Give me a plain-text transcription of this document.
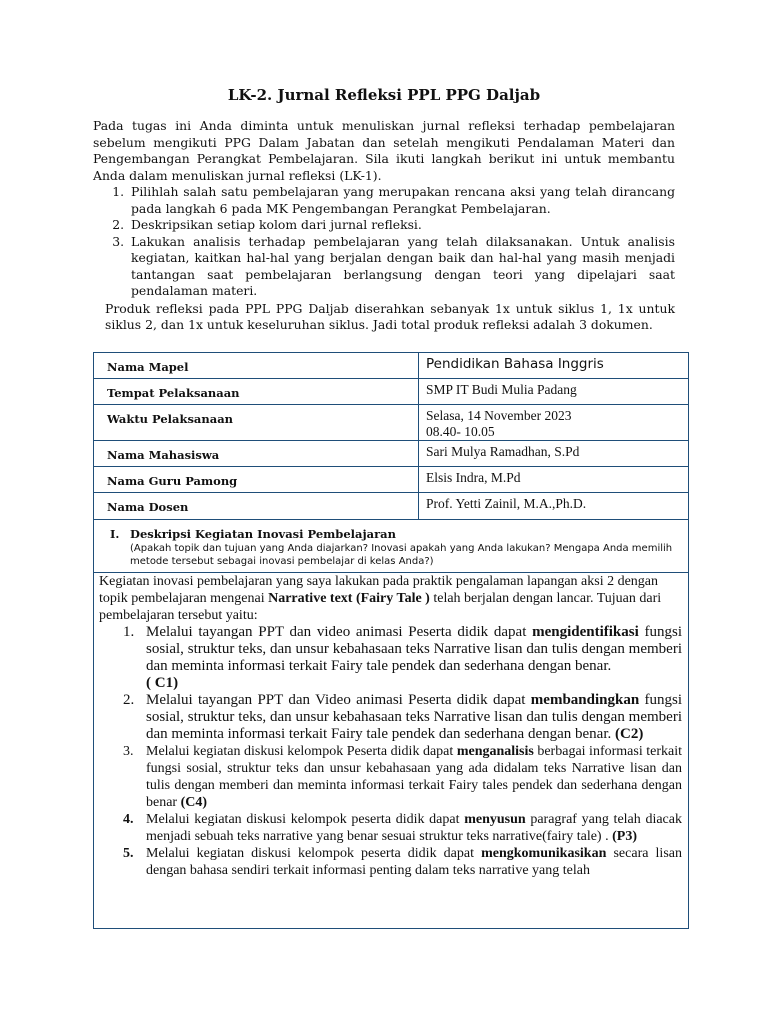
LK-2. Jurnal Refleksi PPL PPG Daljab

Pada tugas ini Anda diminta untuk menuliskan jurnal refleksi terhadap pembelajaran sebelum mengikuti PPG Dalam Jabatan dan setelah mengikuti Pendalaman Materi dan Pengembangan Perangkat Pembelajaran. Sila ikuti langkah berikut ini untuk membantu Anda dalam menuliskan jurnal refleksi (LK-1).

1. Pilihlah salah satu pembelajaran yang merupakan rencana aksi yang telah dirancang pada langkah 6 pada MK Pengembangan Perangkat Pembelajaran.
2. Deskripsikan setiap kolom dari jurnal refleksi.
3. Lakukan analisis terhadap pembelajaran yang telah dilaksanakan. Untuk analisis kegiatan, kaitkan hal-hal yang berjalan dengan baik dan hal-hal yang masih menjadi tantangan saat pembelajaran berlangsung dengan teori yang dipelajari saat pendalaman materi.

Produk refleksi pada PPL PPG Daljab diserahkan sebanyak 1x untuk siklus 1, 1x untuk siklus 2, dan 1x untuk keseluruhan siklus. Jadi total produk refleksi adalah 3 dokumen.

Nama Mapel	Pendidikan Bahasa Inggris
Tempat Pelaksanaan	SMP IT Budi Mulia Padang
Waktu Pelaksanaan	Selasa, 14 November 2023
08.40- 10.05

Nama Mahasiswa	Sari Mulya Ramadhan, S.Pd
Nama Guru Pamong	Elsis Indra, M.Pd
Nama Dosen	Prof. Yetti Zainil, M.A.,Ph.D.
I. Deskripsi Kegiatan Inovasi Pembelajaran
(Apakah topik dan tujuan yang Anda diajarkan? Inovasi apakah yang Anda lakukan? Mengapa Anda memilih metode tersebut sebagai inovasi pembelajar di kelas Anda?)
Kegiatan inovasi pembelajaran yang saya lakukan pada praktik pengalaman lapangan aksi 2 dengan topik pembelajaran mengenai Narrative text (Fairy Tale ) telah berjalan dengan lancar. Tujuan dari pembelajaran tersebut yaitu:
1. Melalui tayangan PPT dan video animasi Peserta didik dapat mengidentifikasi fungsi sosial, struktur teks, dan unsur kebahasaan teks Narrative lisan dan tulis dengan memberi dan meminta informasi terkait Fairy tale pendek dan sederhana dengan benar.
( C1)
2. Melalui tayangan PPT dan Video animasi Peserta didik dapat membandingkan fungsi sosial, struktur teks, dan unsur kebahasaan teks Narrative lisan dan tulis dengan memberi dan meminta informasi terkait Fairy tale pendek dan sederhana dengan benar. (C2)
3. Melalui kegiatan diskusi kelompok Peserta didik dapat menganalisis berbagai informasi terkait fungsi sosial, struktur teks dan unsur kebahasaan yang ada didalam teks Narrative lisan dan tulis dengan memberi dan meminta informasi terkait Fairy tales pendek dan sederhana dengan benar (C4)
4. Melalui kegiatan diskusi kelompok peserta didik dapat menyusun paragraf yang telah diacak menjadi sebuah teks narrative yang benar sesuai struktur teks narrative(fairy tale) . (P3)
5. Melalui kegiatan diskusi kelompok peserta didik dapat mengkomunikasikan secara lisan dengan bahasa sendiri terkait informasi penting dalam teks narrative yang telah
